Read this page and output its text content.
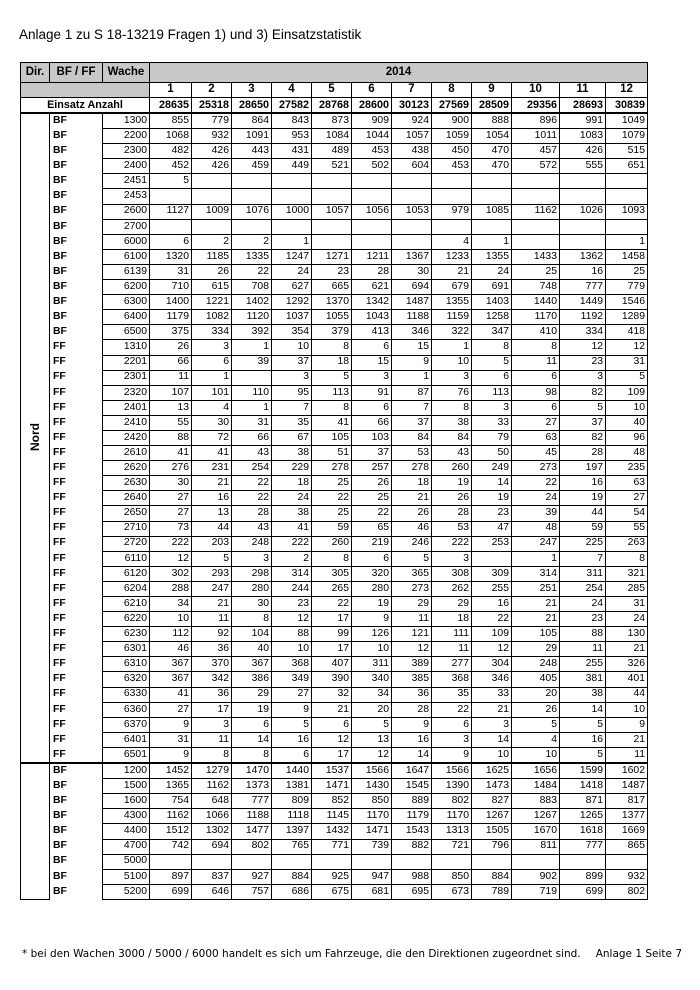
Anlage 1 zu S 18-13219 Fragen 1) und 3) Einsatzstatistik
Dir.	BF / FF	Wache	2014											
			1	2	3	4	5	6	7	8	9	10	11	12
Einsatz Anzahl			28635	25318	28650	27582	28768	28600	30123	27569	28509	29356	28693	30839
Nord	BF	1300	855	779	864	843	873	909	924	900	888	896	991	1049
	BF	2200	1068	932	1091	953	1084	1044	1057	1059	1054	1011	1083	1079
	BF	2300	482	426	443	431	489	453	438	450	470	457	426	515
	BF	2400	452	426	459	449	521	502	604	453	470	572	555	651
	BF	2451	5											
	BF	2453												
	BF	2600	1127	1009	1076	1000	1057	1056	1053	979	1085	1162	1026	1093
	BF	2700												
	BF	6000	6	2	2	1				4	1			1
	BF	6100	1320	1185	1335	1247	1271	1211	1367	1233	1355	1433	1362	1458
	BF	6139	31	26	22	24	23	28	30	21	24	25	16	25
	BF	6200	710	615	708	627	665	621	694	679	691	748	777	779
	BF	6300	1400	1221	1402	1292	1370	1342	1487	1355	1403	1440	1449	1546
	BF	6400	1179	1082	1120	1037	1055	1043	1188	1159	1258	1170	1192	1289
	BF	6500	375	334	392	354	379	413	346	322	347	410	334	418
	FF	1310	26	3	1	10	8	6	15	1	8	8	12	12
	FF	2201	66	6	39	37	18	15	9	10	5	11	23	31
	FF	2301	11	1		3	5	3	1	3	6	6	3	5
	FF	2320	107	101	110	95	113	91	87	76	113	98	82	109
	FF	2401	13	4	1	7	8	6	7	8	3	6	5	10
	FF	2410	55	30	31	35	41	66	37	38	33	27	37	40
	FF	2420	88	72	66	67	105	103	84	84	79	63	82	96
	FF	2610	41	41	43	38	51	37	53	43	50	45	28	48
	FF	2620	276	231	254	229	278	257	278	260	249	273	197	235
	FF	2630	30	21	22	18	25	26	18	19	14	22	16	63
	FF	2640	27	16	22	24	22	25	21	26	19	24	19	27
	FF	2650	27	13	28	38	25	22	26	28	23	39	44	54
	FF	2710	73	44	43	41	59	65	46	53	47	48	59	55
	FF	2720	222	203	248	222	260	219	246	222	253	247	225	263
	FF	6110	12	5	3	2	8	6	5	3		1	7	8
	FF	6120	302	293	298	314	305	320	365	308	309	314	311	321
	FF	6204	288	247	280	244	265	280	273	262	255	251	254	285
	FF	6210	34	21	30	23	22	19	29	29	16	21	24	31
	FF	6220	10	11	8	12	17	9	11	18	22	21	23	24
	FF	6230	112	92	104	88	99	126	121	111	109	105	88	130
	FF	6301	46	36	40	10	17	10	12	11	12	29	11	21
	FF	6310	367	370	367	368	407	311	389	277	304	248	255	326
	FF	6320	367	342	386	349	390	340	385	368	346	405	381	401
	FF	6330	41	36	29	27	32	34	36	35	33	20	38	44
	FF	6360	27	17	19	9	21	20	28	22	21	26	14	10
	FF	6370	9	3	6	5	6	5	9	6	3	5	5	9
	FF	6401	31	11	14	16	12	13	16	3	14	4	16	21
	FF	6501	9	8	8	6	17	12	14	9	10	10	5	11
	BF	1200	1452	1279	1470	1440	1537	1566	1647	1566	1625	1656	1599	1602
	BF	1500	1365	1162	1373	1381	1471	1430	1545	1390	1473	1484	1418	1487
	BF	1600	754	648	777	809	852	850	889	802	827	883	871	817
	BF	4300	1162	1066	1188	1118	1145	1170	1179	1170	1267	1267	1265	1377
	BF	4400	1512	1302	1477	1397	1432	1471	1543	1313	1505	1670	1618	1669
	BF	4700	742	694	802	765	771	739	882	721	796	811	777	865
	BF	5000												
	BF	5100	897	837	927	884	925	947	988	850	884	902	899	932
	BF	5200	699	646	757	686	675	681	695	673	789	719	699	802
* bei den Wachen 3000 / 5000 / 6000 handelt es sich um Fahrzeuge, die den Direktionen zugeordnet sind. Anlage 1 Seite 7
